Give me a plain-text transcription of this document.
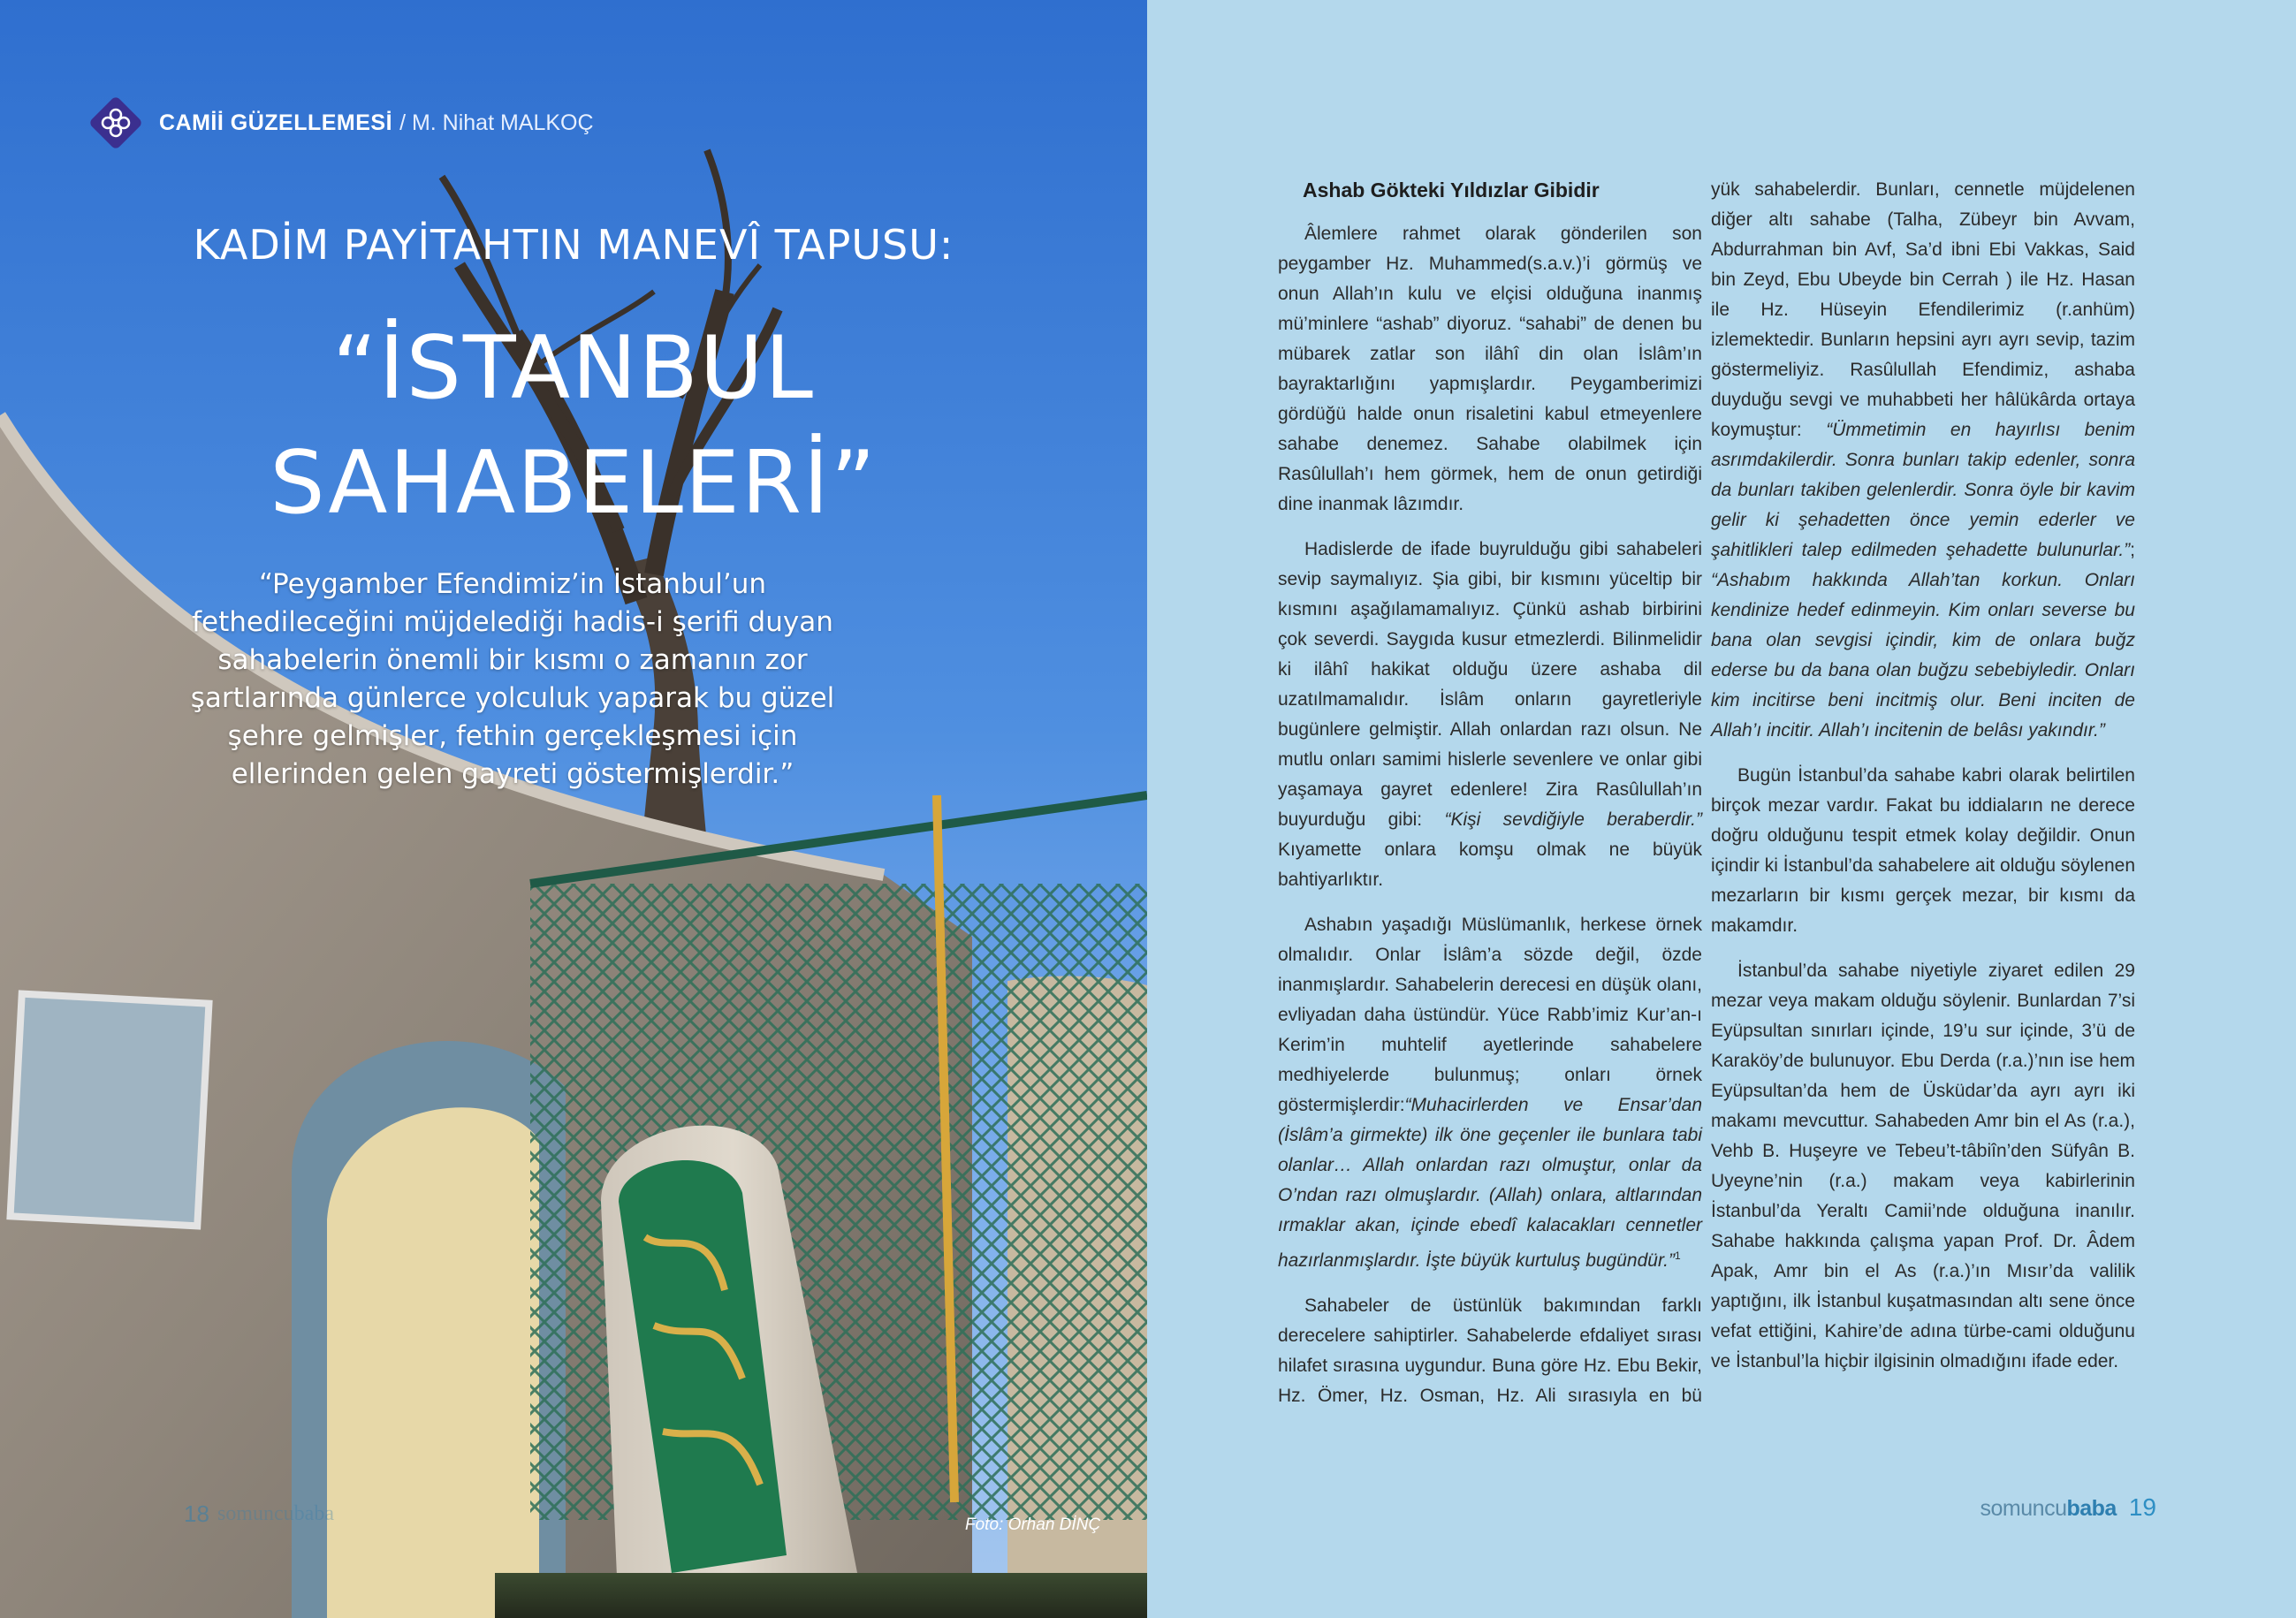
CAMİİ GÜZELLEMESİ / M. Nihat MALKOÇ
KADİM PAYİTAHTIN MANEVÎ TAPUSU:
“İSTANBUL
SAHABELERİ”
“Peygamber Efendimiz’in İstanbul’un fethedileceğini müjdelediği hadis-i şerifi duyan sahabelerin önemli bir kısmı o zamanın zor şartlarında günlerce yolculuk yaparak bu güzel şehre gelmişler, fethin gerçekleşmesi için ellerinden gelen gayreti göstermişlerdir.”
18 somuncubaba	Foto: Orhan DİNÇ
Ashab Gökteki Yıldızlar Gibidir

Âlemlere rahmet olarak gönderilen son peygamber Hz. Muhammed(s.a.v.)’i görmüş ve onun Allah’ın kulu ve elçisi olduğuna inanmış mü’minlere “ashab” diyoruz. “sahabi” de denen bu mübarek zatlar son ilâhî din olan İslâm’ın bayraktarlığını yapmışlardır. Peygamberimizi gördüğü halde onun risaletini kabul etmeyenlere sahabe denemez. Sahabe olabilmek için Rasûlullah’ı hem görmek, hem de onun getirdiği dine inanmak lâzımdır.

Hadislerde de ifade buyrulduğu gibi sahabeleri sevip saymalıyız. Şia gibi, bir kısmını yüceltip bir kısmını aşağılamamalıyız. Çünkü ashab birbirini çok severdi. Saygıda kusur etmezlerdi. Bilinmelidir ki ilâhî hakikat olduğu üzere ashaba dil uzatılmamalıdır. İslâm onların gayretleriyle bugünlere gelmiştir. Allah onlardan razı olsun. Ne mutlu onları samimi hislerle sevenlere ve onlar gibi yaşamaya gayret edenlere! Zira Rasûlullah’ın buyurduğu gibi: “Kişi sevdiğiyle beraberdir.” Kıyamette onlara komşu olmak ne büyük bahtiyarlıktır.

Ashabın yaşadığı Müslümanlık, herkese örnek olmalıdır. Onlar İslâm’a sözde değil, özde inanmışlardır. Sahabelerin derecesi en düşük olanı, evliyadan daha üstündür. Yüce Rabb’imiz Kur’an-ı Kerim’in muhtelif ayetlerinde sahabelere medhiyelerde bulunmuş; onları örnek göstermişlerdir:“Muhacirlerden ve Ensar’dan (İslâm’a girmekte) ilk öne geçenler ile bunlara tabi olanlar… Allah onlardan razı olmuştur, onlar da O’ndan razı olmuşlardır. (Allah) onlara, altlarından ırmaklar akan, içinde ebedî kalacakları cennetler hazırlanmışlardır. İşte büyük kurtuluş bugündür.”$^1$

Sahabeler de üstünlük bakımından farklı derecelere sahiptirler. Sahabelerde efdaliyet sırası hilafet sırasına uygundur. Buna göre Hz. Ebu Bekir, Hz. Ömer, Hz. Osman, Hz. Ali sırasıyla en bü

yük sahabelerdir. Bunları, cennetle müjdelenen diğer altı sahabe (Talha, Zübeyr bin Avvam, Abdurrahman bin Avf, Sa’d ibni Ebi Vakkas, Said bin Zeyd, Ebu Ubeyde bin Cerrah ) ile Hz. Hasan ile Hz. Hüseyin Efendilerimiz (r.anhüm) izlemektedir. Bunların hepsini ayrı ayrı sevip, tazim göstermeliyiz. Rasûlullah Efendimiz, ashaba duyduğu sevgi ve muhabbeti her hâlükârda ortaya koymuştur: “Ümmetimin en hayırlısı benim asrımdakilerdir. Sonra bunları takip edenler, sonra da bunları takiben gelenlerdir. Sonra öyle bir kavim gelir ki şehadetten önce yemin ederler ve şahitlikleri talep edilmeden şehadette bulunurlar.”; “Ashabım hakkında Allah’tan korkun. Onları kendinize hedef edinmeyin. Kim onları severse bu bana olan sevgisi içindir, kim de onlara buğz ederse bu da bana olan buğzu sebebiyledir. Onları kim incitirse beni incitmiş olur. Beni inciten de Allah’ı incitir. Allah’ı incitenin de belâsı yakındır.”

Bugün İstanbul’da sahabe kabri olarak belirtilen birçok mezar vardır. Fakat bu iddiaların ne derece doğru olduğunu tespit etmek kolay değildir. Onun içindir ki İstanbul’da sahabelere ait olduğu söylenen mezarların bir kısmı gerçek mezar, bir kısmı da makamdır.

İstanbul’da sahabe niyetiyle ziyaret edilen 29 mezar veya makam olduğu söylenir. Bunlardan 7’si Eyüpsultan sınırları içinde, 19’u sur içinde, 3’ü de Karaköy’de bulunuyor. Ebu Derda (r.a.)’nın ise hem Eyüpsultan’da hem de Üsküdar’da ayrı ayrı iki makamı mevcuttur. Sahabeden Amr bin el As (r.a.), Vehb B. Huşeyre ve Tebeu’t-tâbiîn’den Süfyân B. Uyeyne’nin (r.a.) makam veya kabirlerinin İstanbul’da Yeraltı Camii’nde olduğuna inanılır. Sahabe hakkında çalışma yapan Prof. Dr. Âdem Apak, Amr bin el As (r.a.)’ın Mısır’da valilik yaptığını, ilk İstanbul kuşatmasından altı sene önce vefat ettiğini, Kahire’de adına türbe-cami olduğunu ve İstanbul’la hiçbir ilgisinin olmadığını ifade eder.

somuncu baba 19
